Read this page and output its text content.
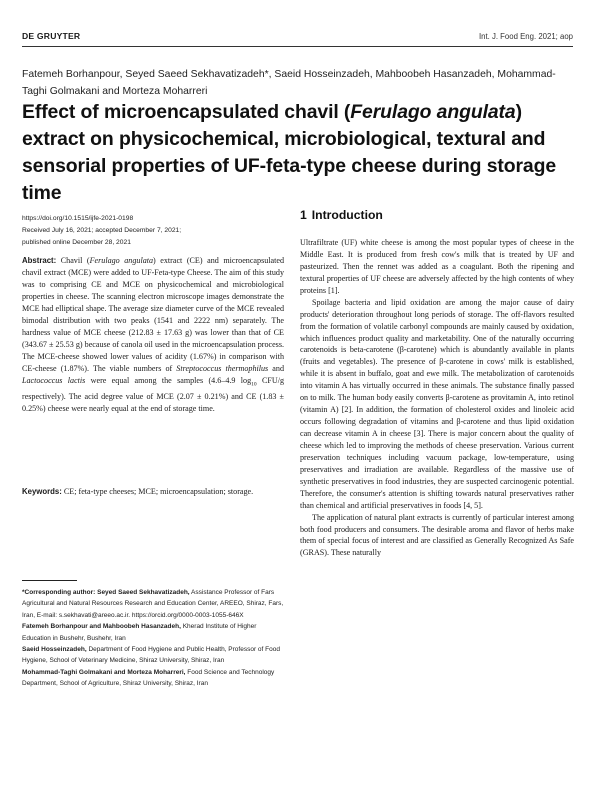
DE GRUYTER	Int. J. Food Eng. 2021; aop
Fatemeh Borhanpour, Seyed Saeed Sekhavatizadeh*, Saeid Hosseinzadeh, Mahboobeh Hasanzadeh, Mohammad-Taghi Golmakani and Morteza Moharreri
Effect of microencapsulated chavil (Ferulago angulata) extract on physicochemical, microbiological, textural and sensorial properties of UF-feta-type cheese during storage time
https://doi.org/10.1515/ijfe-2021-0198
Received July 16, 2021; accepted December 7, 2021;
published online December 28, 2021
Abstract: Chavil (Ferulago angulata) extract (CE) and microencapsulated chavil extract (MCE) were added to UF-Feta-type Cheese. The aim of this study was to comprising CE and MCE on physicochemical and microbiological properties in cheese. The scanning electron microscope images demonstrate the MCE had elliptical shape. The average size diameter curve of the MCE revealed bimodal distribution with two peaks (1541 and 2222 nm) separately. The hardness value of MCE cheese (212.83 ± 17.63 g) was lower than that of CE (343.67 ± 25.53 g) because of canola oil used in the microencapsulation process. The MCE-cheese showed lower values of acidity (1.67%) in comparison with CE-cheese (1.87%). The viable numbers of Streptococcus thermophilus and Lactococcus lactis were equal among the samples (4.6–4.9 $\log_{10} CFU/g$ respectively). The acid degree value of MCE (2.07 ± 0.21%) and CE (1.83 ± 0.25%) cheese were nearly equal at the end of storage time.
Keywords: CE; feta-type cheeses; MCE; microencapsulation; storage.

*Corresponding author: Seyed Saeed Sekhavatizadeh, Assistance Professor of Fars Agricultural and Natural Resources Research and Education Center, AREEO, Shiraz, Fars, Iran, E-mail: s.sekhavati@areeo.ac.ir. https://orcid.org/0000-0003-1055-646X

Fatemeh Borhanpour and Mahboobeh Hasanzadeh, Kherad Institute of Higher Education in Bushehr, Bushehr, Iran

Saeid Hosseinzadeh, Department of Food Hygiene and Public Health, Professor of Food Hygiene, School of Veterinary Medicine, Shiraz University, Shiraz, Iran

Mohammad-Taghi Golmakani and Morteza Moharreri, Food Science and Technology Department, School of Agriculture, Shiraz University, Shiraz, Iran

1 Introduction

Ultrafiltrate (UF) white cheese is among the most popular types of cheese in the Middle East. It is produced from fresh cow's milk that is treated by UF and pasteurized. Then the rennet was added as a coagulant. Both the ripening and textural properties of UF cheese are adversely affected by the high contents of whey proteins [1].

Spoilage bacteria and lipid oxidation are among the major cause of dairy products' deterioration throughout long periods of storage. The off-flavors resulted from the formation of volatile carbonyl compounds are mainly caused by oxidation, which influences product quality and marketability. One of the naturally occurring carotenoids is beta-carotene (β-carotene) which is abundantly available in plants (fruits and vegetables). The presence of β-carotene in cows' milk is established, while it is absent in buffalo, goat and ewe milk. The metabolization of carotenoids into vitamin A has virtually occurred in these animals. The substance finally passed on to milk. The human body easily converts β-carotene as provitamin A, into retinol (vitamin A) [2]. In addition, the formation of cholesterol oxides and linoleic acid occurs following degradation of vitamins and β-carotene and thus lipid oxidation can decrease vitamin A in cheese [3]. There is major concern about the quality of cheese which led to improving the methods of cheese preservation. Various current preservation techniques including vacuum package, low-temperature, using preservatives and irradiation are available. Regardless of the massive use of synthetic preservatives in food industries, they are suspected carcinogenic potential. Therefore, the consumer's attention is shifting towards natural preservatives rather than chemical and artificial preservatives in foods [4, 5].

The application of natural plant extracts is currently of particular interest among both food producers and consumers. The desirable aroma and flavor of herbs make them of special focus of interest and are classified as Generally Recognized As Safe (GRAS). These naturally
